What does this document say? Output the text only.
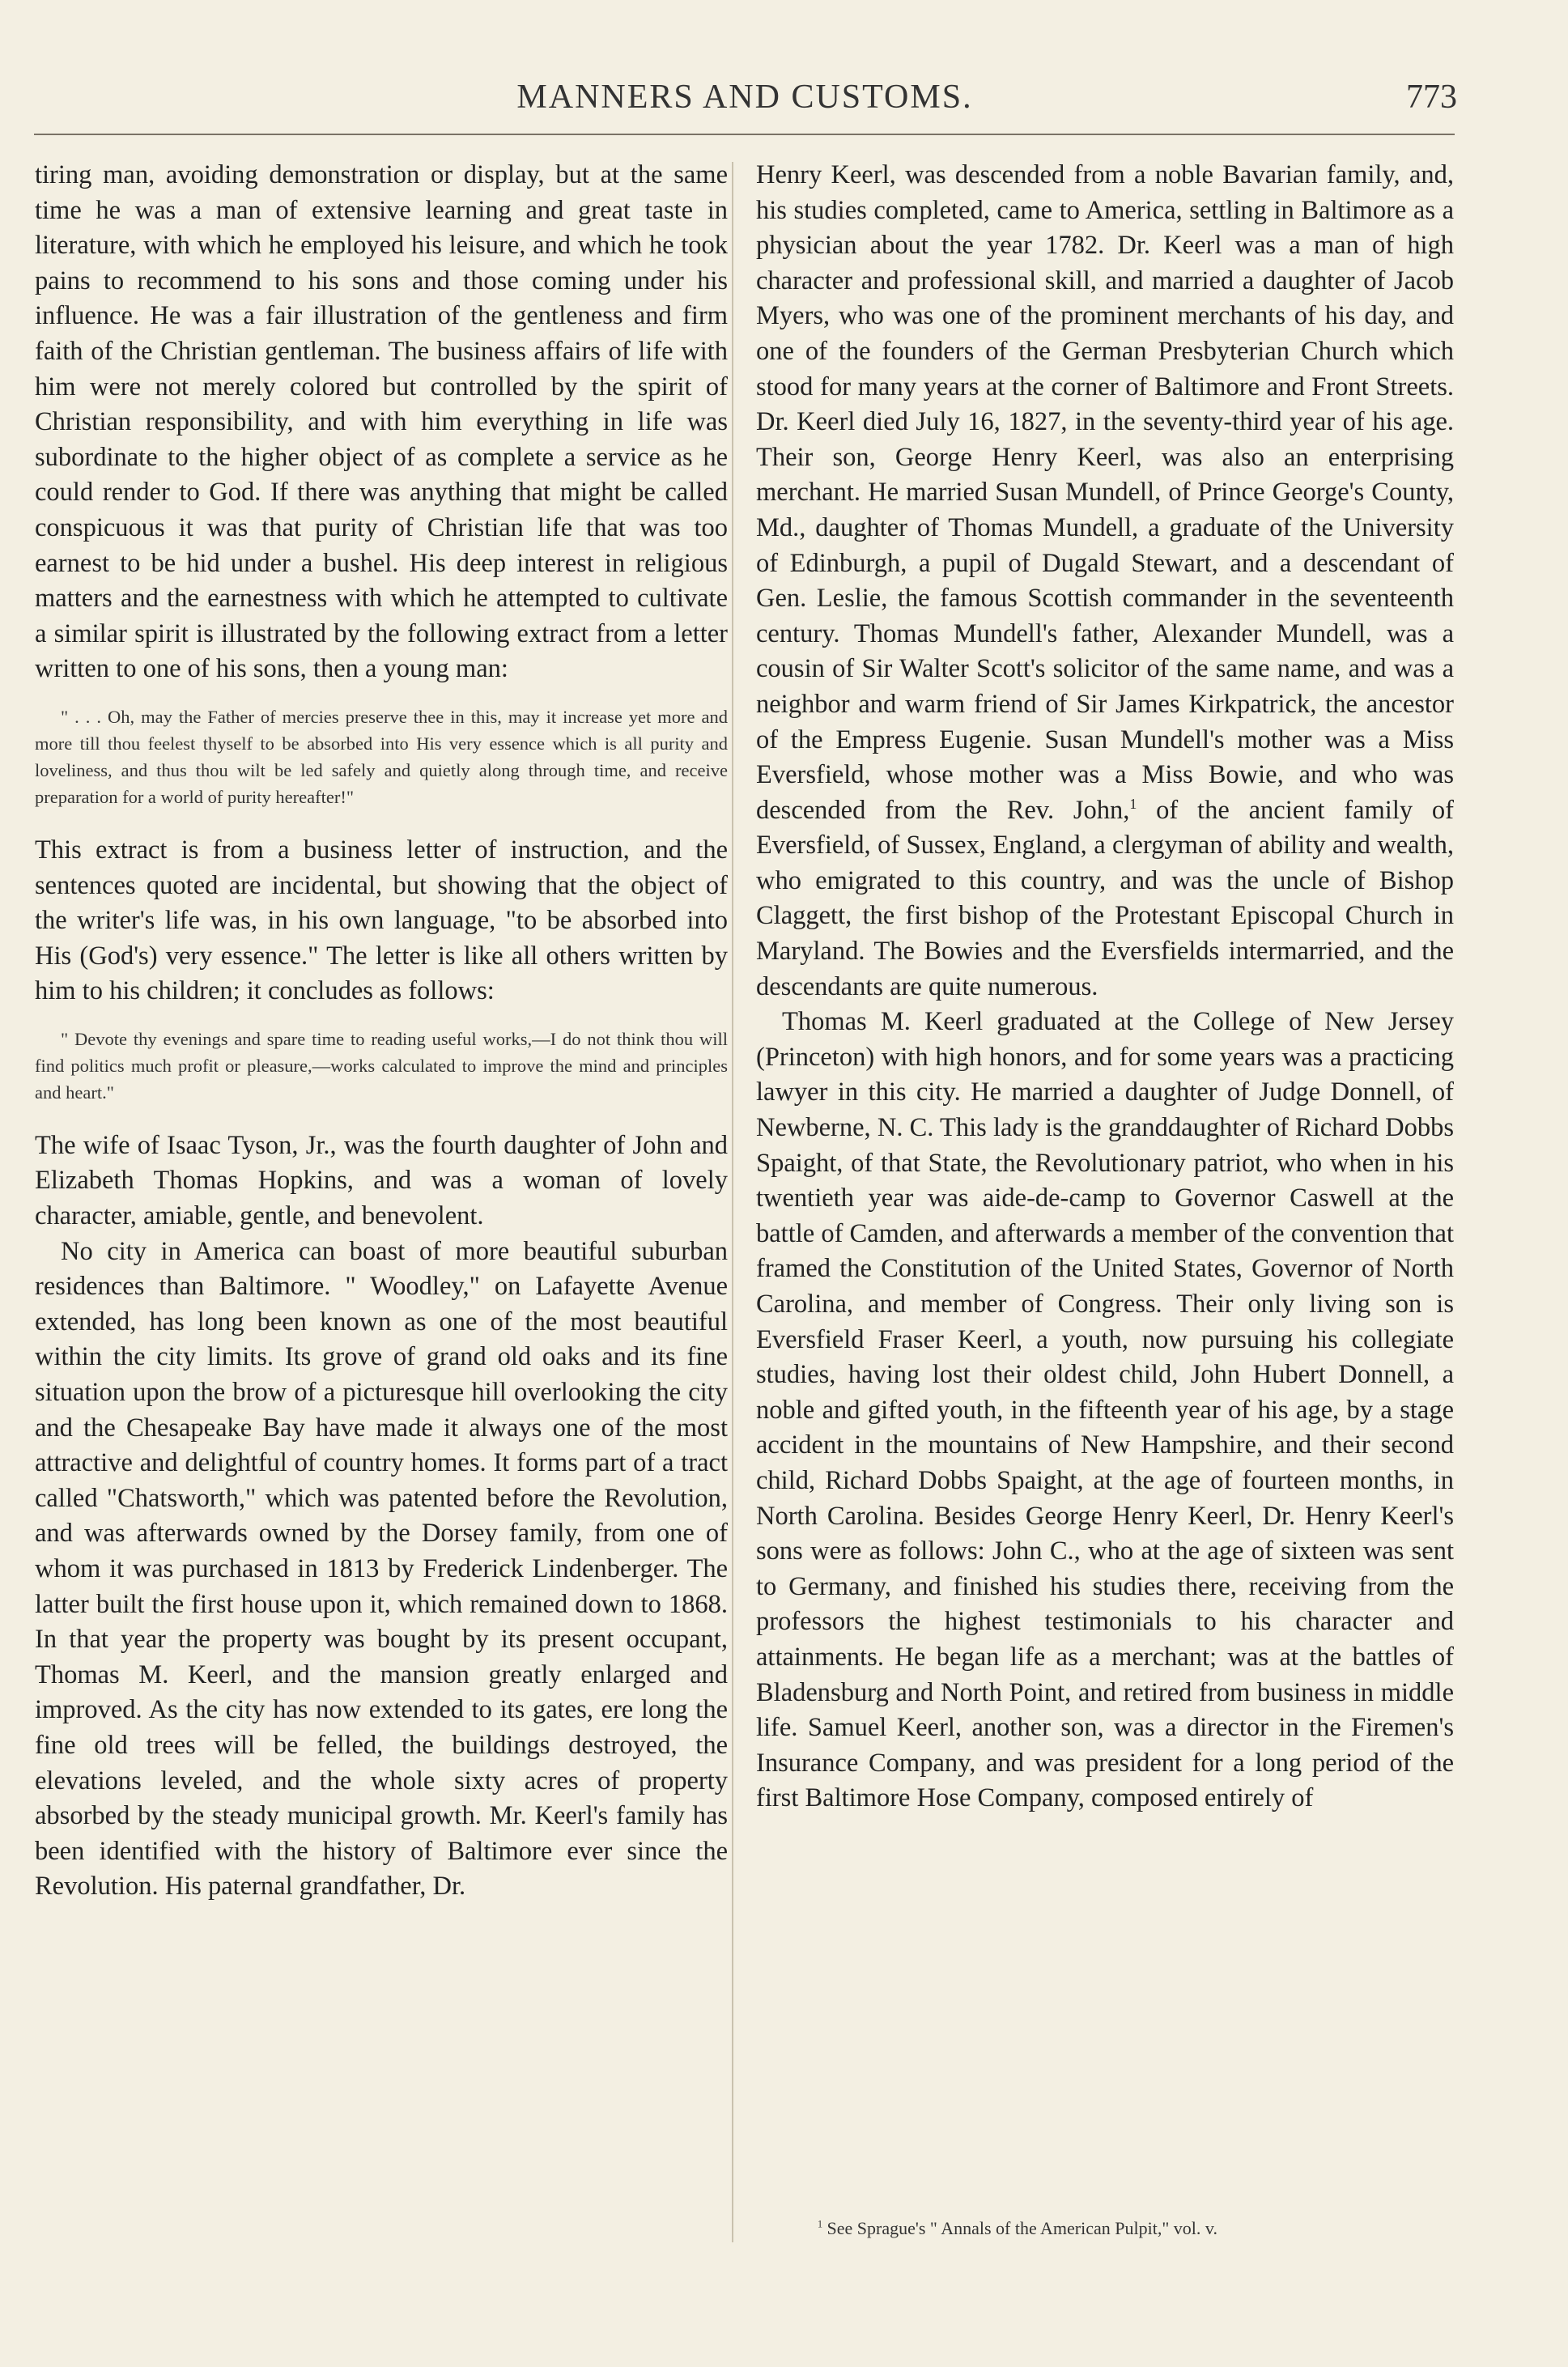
MANNERS AND CUSTOMS.	773

tiring man, avoiding demonstration or display, but at the same time he was a man of extensive learning and great taste in literature, with which he employed his leisure, and which he took pains to recommend to his sons and those coming under his influence. He was a fair illustration of the gentleness and firm faith of the Christian gentleman. The business affairs of life with him were not merely colored but controlled by the spirit of Christian responsibility, and with him everything in life was subordinate to the higher object of as complete a service as he could render to God. If there was anything that might be called conspicuous it was that purity of Christian life that was too earnest to be hid under a bushel. His deep interest in religious matters and the earnestness with which he attempted to cultivate a similar spirit is illustrated by the following extract from a letter written to one of his sons, then a young man:

" . . . Oh, may the Father of mercies preserve thee in this, may it increase yet more and more till thou feelest thyself to be absorbed into His very essence which is all purity and loveliness, and thus thou wilt be led safely and quietly along through time, and receive preparation for a world of purity hereafter!"

This extract is from a business letter of instruction, and the sentences quoted are incidental, but showing that the object of the writer's life was, in his own language, "to be absorbed into His (God's) very essence." The letter is like all others written by him to his children; it concludes as follows:

" Devote thy evenings and spare time to reading useful works,—I do not think thou will find politics much profit or pleasure,—works calculated to improve the mind and principles and heart."

The wife of Isaac Tyson, Jr., was the fourth daughter of John and Elizabeth Thomas Hopkins, and was a woman of lovely character, amiable, gentle, and benevolent.

No city in America can boast of more beautiful suburban residences than Baltimore. " Woodley," on Lafayette Avenue extended, has long been known as one of the most beautiful within the city limits. Its grove of grand old oaks and its fine situation upon the brow of a picturesque hill overlooking the city and the Chesapeake Bay have made it always one of the most attractive and delightful of country homes. It forms part of a tract called "Chatsworth," which was patented before the Revolution, and was afterwards owned by the Dorsey family, from one of whom it was purchased in 1813 by Frederick Lindenberger. The latter built the first house upon it, which remained down to 1868. In that year the property was bought by its present occupant, Thomas M. Keerl, and the mansion greatly enlarged and improved. As the city has now extended to its gates, ere long the fine old trees will be felled, the buildings destroyed, the elevations leveled, and the whole sixty acres of property absorbed by the steady municipal growth. Mr. Keerl's family has been identified with the history of Baltimore ever since the Revolution. His paternal grandfather, Dr.

Henry Keerl, was descended from a noble Bavarian family, and, his studies completed, came to America, settling in Baltimore as a physician about the year 1782. Dr. Keerl was a man of high character and professional skill, and married a daughter of Jacob Myers, who was one of the prominent merchants of his day, and one of the founders of the German Presbyterian Church which stood for many years at the corner of Baltimore and Front Streets. Dr. Keerl died July 16, 1827, in the seventy-third year of his age. Their son, George Henry Keerl, was also an enterprising merchant. He married Susan Mundell, of Prince George's County, Md., daughter of Thomas Mundell, a graduate of the University of Edinburgh, a pupil of Dugald Stewart, and a descendant of Gen. Leslie, the famous Scottish commander in the seventeenth century. Thomas Mundell's father, Alexander Mundell, was a cousin of Sir Walter Scott's solicitor of the same name, and was a neighbor and warm friend of Sir James Kirkpatrick, the ancestor of the Empress Eugenie. Susan Mundell's mother was a Miss Eversfield, whose mother was a Miss Bowie, and who was descended from the Rev. John,$^1$ of the ancient family of Eversfield, of Sussex, England, a clergyman of ability and wealth, who emigrated to this country, and was the uncle of Bishop Claggett, the first bishop of the Protestant Episcopal Church in Maryland. The Bowies and the Eversfields intermarried, and the descendants are quite numerous.

Thomas M. Keerl graduated at the College of New Jersey (Princeton) with high honors, and for some years was a practicing lawyer in this city. He married a daughter of Judge Donnell, of Newberne, N. C. This lady is the granddaughter of Richard Dobbs Spaight, of that State, the Revolutionary patriot, who when in his twentieth year was aide-de-camp to Governor Caswell at the battle of Camden, and afterwards a member of the convention that framed the Constitution of the United States, Governor of North Carolina, and member of Congress. Their only living son is Eversfield Fraser Keerl, a youth, now pursuing his collegiate studies, having lost their oldest child, John Hubert Donnell, a noble and gifted youth, in the fifteenth year of his age, by a stage accident in the mountains of New Hampshire, and their second child, Richard Dobbs Spaight, at the age of fourteen months, in North Carolina. Besides George Henry Keerl, Dr. Henry Keerl's sons were as follows: John C., who at the age of sixteen was sent to Germany, and finished his studies there, receiving from the professors the highest testimonials to his character and attainments. He began life as a merchant; was at the battles of Bladensburg and North Point, and retired from business in middle life. Samuel Keerl, another son, was a director in the Firemen's Insurance Company, and was president for a long period of the first Baltimore Hose Company, composed entirely of

$^1$ See Sprague's " Annals of the American Pulpit," vol. v.
